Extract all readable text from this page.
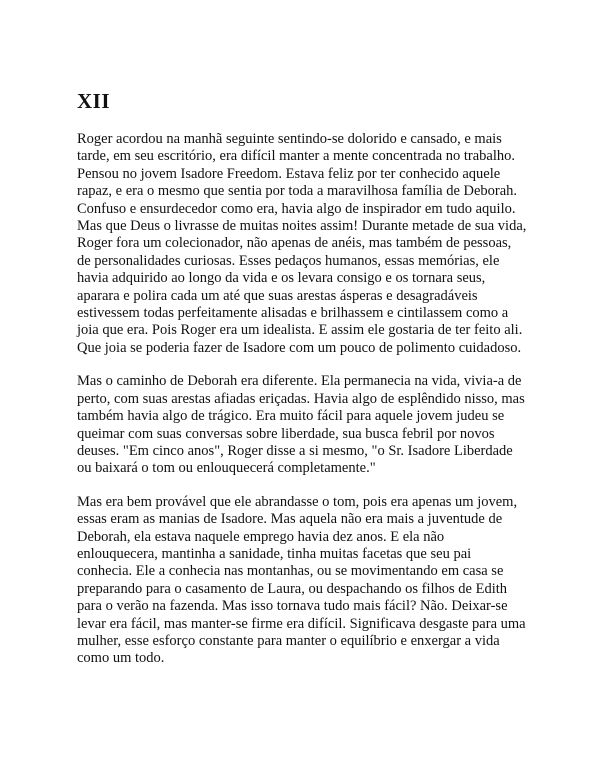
XII

Roger acordou na manhã seguinte sentindo-se dolorido e cansado, e mais tarde, em seu escritório, era difícil manter a mente concentrada no trabalho. Pensou no jovem Isadore Freedom. Estava feliz por ter conhecido aquele rapaz, e era o mesmo que sentia por toda a maravilhosa família de Deborah. Confuso e ensurdecedor como era, havia algo de inspirador em tudo aquilo. Mas que Deus o livrasse de muitas noites assim! Durante metade de sua vida, Roger fora um colecionador, não apenas de anéis, mas também de pessoas, de personalidades curiosas. Esses pedaços humanos, essas memórias, ele havia adquirido ao longo da vida e os levara consigo e os tornara seus, aparara e polira cada um até que suas arestas ásperas e desagradáveis estivessem todas perfeitamente alisadas e brilhassem e cintilassem como a joia que era. Pois Roger era um idealista. E assim ele gostaria de ter feito ali. Que joia se poderia fazer de Isadore com um pouco de polimento cuidadoso.

Mas o caminho de Deborah era diferente. Ela permanecia na vida, vivia-a de perto, com suas arestas afiadas eriçadas. Havia algo de esplêndido nisso, mas também havia algo de trágico. Era muito fácil para aquele jovem judeu se queimar com suas conversas sobre liberdade, sua busca febril por novos deuses. "Em cinco anos", Roger disse a si mesmo, "o Sr. Isadore Liberdade ou baixará o tom ou enlouquecerá completamente."

Mas era bem provável que ele abrandasse o tom, pois era apenas um jovem, essas eram as manias de Isadore. Mas aquela não era mais a juventude de Deborah, ela estava naquele emprego havia dez anos. E ela não enlouquecera, mantinha a sanidade, tinha muitas facetas que seu pai conhecia. Ele a conhecia nas montanhas, ou se movimentando em casa se preparando para o casamento de Laura, ou despachando os filhos de Edith para o verão na fazenda. Mas isso tornava tudo mais fácil? Não. Deixar-se levar era fácil, mas manter-se firme era difícil. Significava desgaste para uma mulher, esse esforço constante para manter o equilíbrio e enxergar a vida como um todo.
